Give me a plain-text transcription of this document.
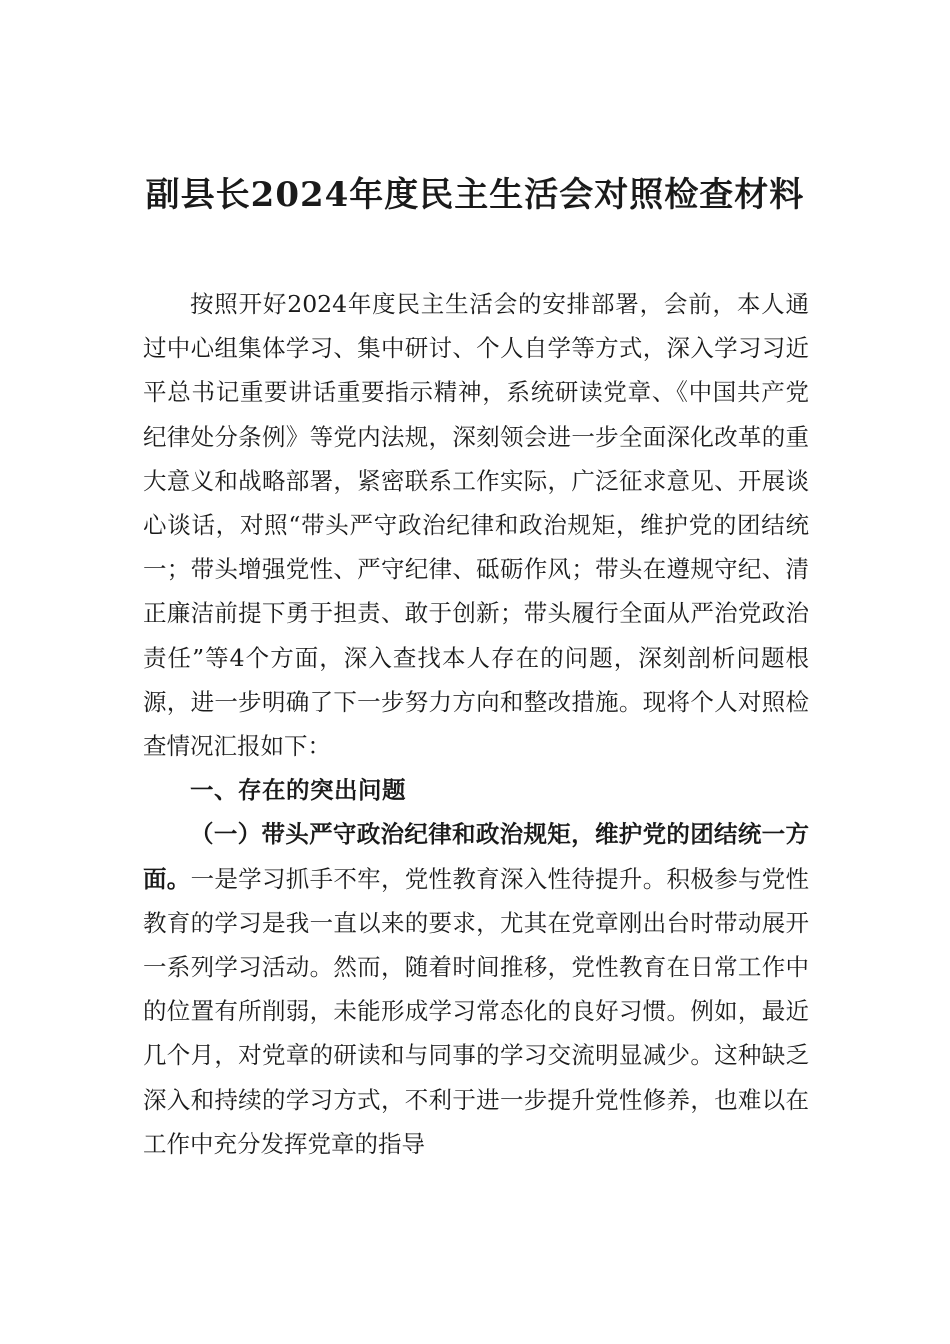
副县长2024年度民主生活会对照检查材料

按照开好2024年度民主生活会的安排部署，会前，本人通过中心组集体学习、集中研讨、个人自学等方式，深入学习习近平总书记重要讲话重要指示精神，系统研读党章、《中国共产党纪律处分条例》等党内法规，深刻领会进一步全面深化改革的重大意义和战略部署，紧密联系工作实际，广泛征求意见、开展谈心谈话，对照“带头严守政治纪律和政治规矩，维护党的团结统一；带头增强党性、严守纪律、砥砺作风；带头在遵规守纪、清正廉洁前提下勇于担责、敢于创新；带头履行全面从严治党政治责任”等4个方面，深入查找本人存在的问题，深刻剖析问题根源，进一步明确了下一步努力方向和整改措施。现将个人对照检查情况汇报如下：

一、存在的突出问题

（一）带头严守政治纪律和政治规矩，维护党的团结统一方面。一是学习抓手不牢，党性教育深入性待提升。积极参与党性教育的学习是我一直以来的要求，尤其在党章刚出台时带动展开一系列学习活动。然而，随着时间推移，党性教育在日常工作中的位置有所削弱，未能形成学习常态化的良好习惯。例如，最近几个月，对党章的研读和与同事的学习交流明显减少。这种缺乏深入和持续的学习方式，不利于进一步提升党性修养，也难以在工作中充分发挥党章的指导
